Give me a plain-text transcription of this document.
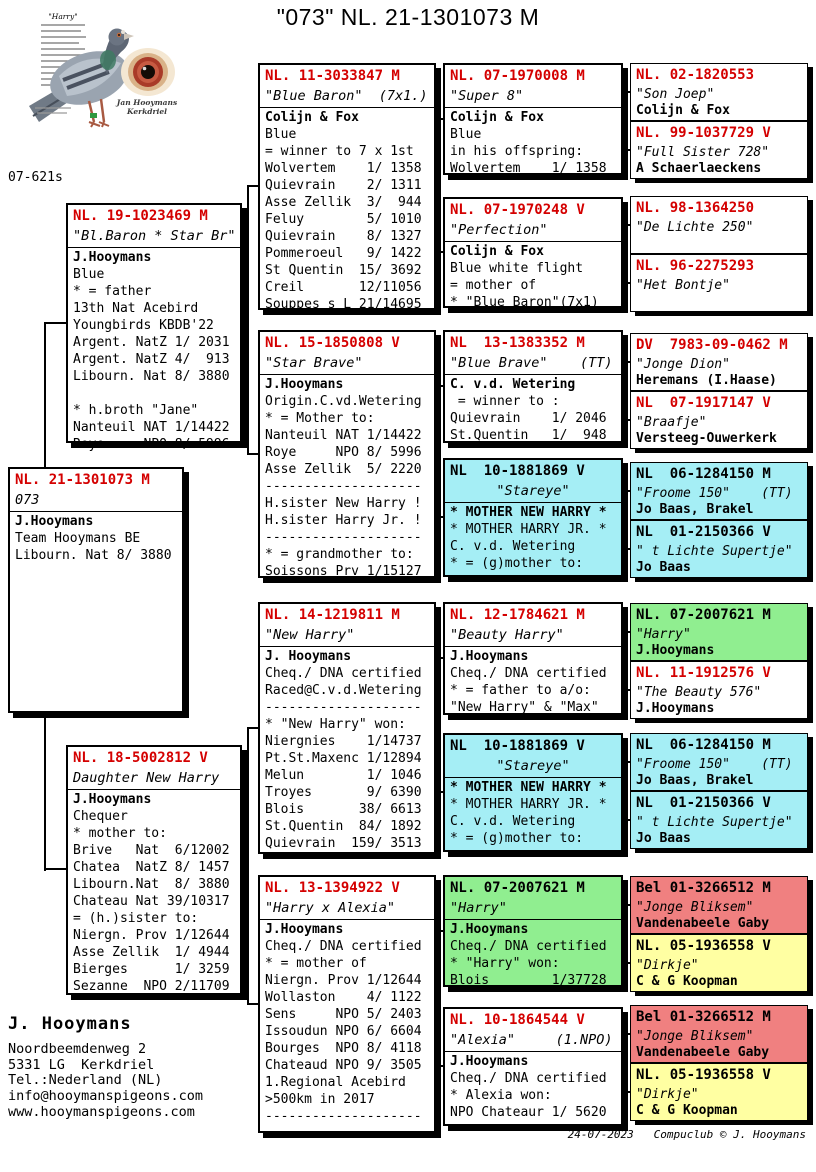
"073" NL. 21-1301073 M
"Harry"
Jan Hooymans
Kerkdriel
07-621s
NL. 21-1301073 M
073
J.Hooymans
Team Hooymans BE
Libourn. Nat 8/ 3880
NL. 19-1023469 M
"Bl.Baron * Star Br"
J.Hooymans
Blue
* = father
13th Nat Acebird
Youngbirds KBDB'22
Argent. NatZ 1/ 2031
Argent. NatZ 4/  913
Libourn. Nat 8/ 3880

* h.broth "Jane"
Nanteuil NAT 1/14422
Roye     NPO 8/ 5996
NL. 18-5002812 V
Daughter New Harry
J.Hooymans
Chequer
* mother to:
Brive   Nat  6/12002
Chatea  NatZ 8/ 1457
Libourn.Nat  8/ 3880
Chateau Nat 39/10317
= (h.)sister to:
Niergn. Prov 1/12644
Asse Zellik  1/ 4944
Bierges      1/ 3259
Sezanne  NPO 2/11709
NL. 11-3033847 M
"Blue Baron"  (7x1.)
Colijn & Fox
Blue
= winner to 7 x 1st
Wolvertem    1/ 1358
Quievrain    2/ 1311
Asse Zellik  3/  944
Feluy        5/ 1010
Quievrain    8/ 1327
Pommeroeul   9/ 1422
St Quentin  15/ 3692
Creil       12/11056
Souppes s L 21/14695
NL. 15-1850808 V
"Star Brave"
J.Hooymans
Origin.C.vd.Wetering
* = Mother to:
Nanteuil NAT 1/14422
Roye     NPO 8/ 5996
Asse Zellik  5/ 2220
--------------------
H.sister New Harry !
H.sister Harry Jr. !
--------------------
* = grandmother to:
Soissons Prv 1/15127
NL. 14-1219811 M
"New Harry"
J. Hooymans
Cheq./ DNA certified
Raced@C.v.d.Wetering
--------------------
* "New Harry" won:
Niergnies    1/14737
Pt.St.Maxenc 1/12894
Melun        1/ 1046
Troyes       9/ 6390
Blois       38/ 6613
St.Quentin  84/ 1892
Quievrain  159/ 3513
NL. 13-1394922 V
"Harry x Alexia"
J.Hooymans
Cheq./ DNA certified
* = mother of
Niergn. Prov 1/12644
Wollaston    4/ 1122
Sens     NPO 5/ 2403
Issoudun NPO 6/ 6604
Bourges  NPO 8/ 4118
Chateaud NPO 9/ 3505
1.Regional Acebird
>500km in 2017
--------------------
NL. 07-1970008 M
"Super 8"
Colijn & Fox
Blue
in his offspring:
Wolvertem    1/ 1358
NL. 07-1970248 V
"Perfection"
Colijn & Fox
Blue white flight
= mother of
* "Blue Baron"(7x1)
NL  13-1383352 M
"Blue Brave"    (TT)
C. v.d. Wetering
= winner to :
Quievrain    1/ 2046
St.Quentin   1/  948
NL  10-1881869 V
"Stareye"
* MOTHER NEW HARRY *
* MOTHER HARRY JR. *
C. v.d. Wetering
* = (g)mother to:
NL. 12-1784621 M
"Beauty Harry"
J.Hooymans
Cheq./ DNA certified
* = father to a/o:
"New Harry" & "Max"
NL  10-1881869 V
"Stareye"
* MOTHER NEW HARRY *
* MOTHER HARRY JR. *
C. v.d. Wetering
* = (g)mother to:
NL. 07-2007621 M
"Harry"
J.Hooymans
Cheq./ DNA certified
* "Harry" won:
Blois        1/37728
NL. 10-1864544 V
"Alexia"     (1.NPO)
J.Hooymans
Cheq./ DNA certified
* Alexia won:
NPO Chateaur 1/ 5620
NL. 02-1820553
"Son Joep"
Colijn & Fox
NL. 99-1037729 V
"Full Sister 728"
A Schaerlaeckens
NL. 98-1364250
"De Lichte 250"
NL. 96-2275293
"Het Bontje"
DV  7983-09-0462 M
"Jonge Dion"
Heremans (I.Haase)
NL  07-1917147 V
"Braafje"
Versteeg-Ouwerkerk
NL  06-1284150 M
"Froome 150"    (TT)
Jo Baas, Brakel
NL  01-2150366 V
" t Lichte Supertje"
Jo Baas
NL. 07-2007621 M
"Harry"
J.Hooymans
NL. 11-1912576 V
"The Beauty 576"
J.Hooymans
NL  06-1284150 M
"Froome 150"    (TT)
Jo Baas, Brakel
NL  01-2150366 V
" t Lichte Supertje"
Jo Baas
Bel 01-3266512 M
"Jonge Bliksem"
Vandenabeele Gaby
NL. 05-1936558 V
"Dirkje"
C & G Koopman
Bel 01-3266512 M
"Jonge Bliksem"
Vandenabeele Gaby
NL. 05-1936558 V
"Dirkje"
C & G Koopman
J. Hooymans
Noordbeemdenweg 2
5331 LG  Kerkdriel
Tel.:Nederland (NL)
info@hooymanspigeons.com
www.hooymanspigeons.com
24-07-2023   Compuclub © J. Hooymans
